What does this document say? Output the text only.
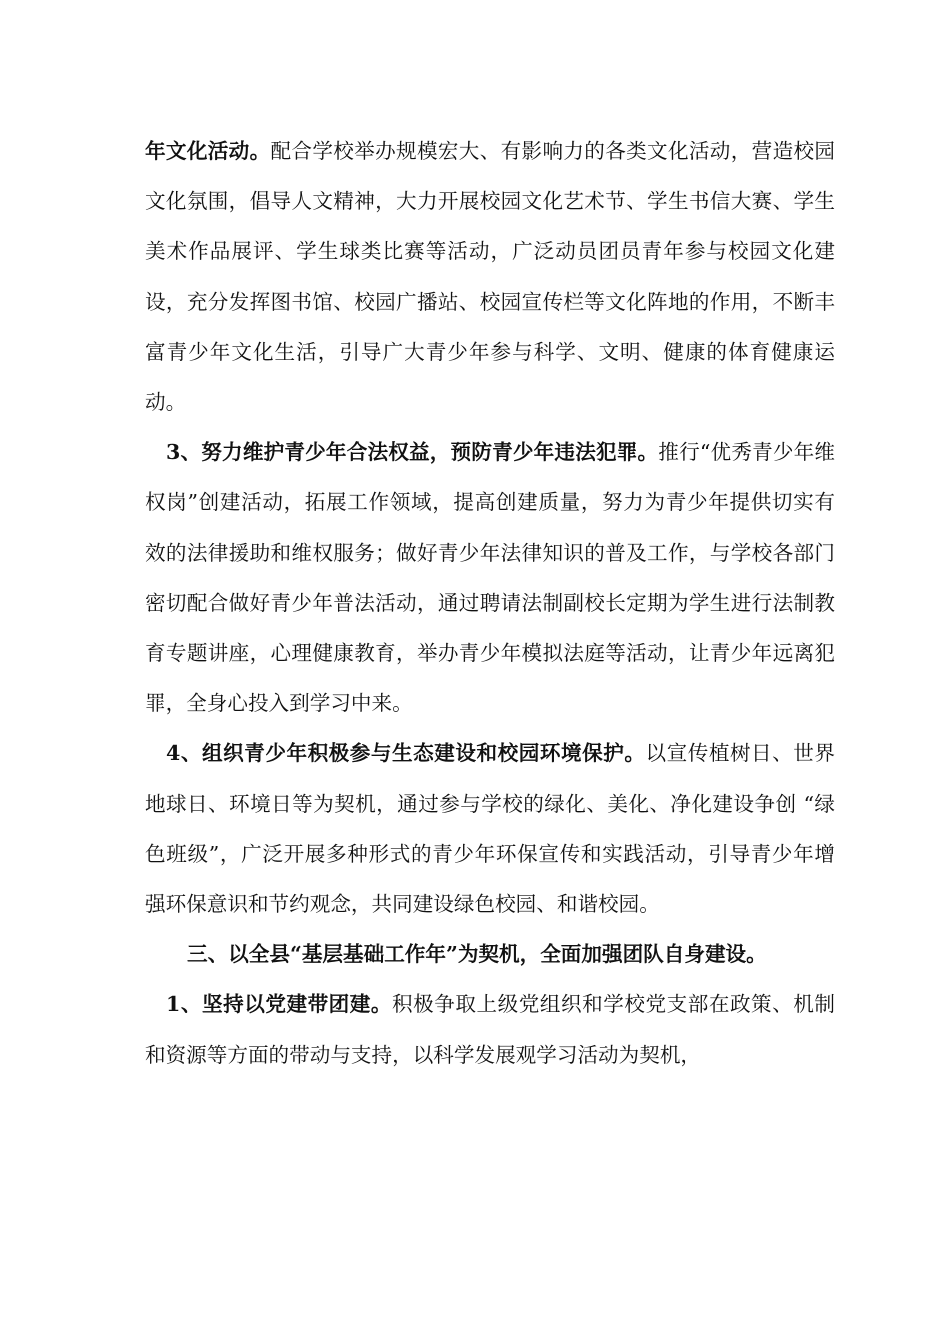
年文化活动。配合学校举办规模宏大、有影响力的各类文化活动，营造校园文化氛围，倡导人文精神，大力开展校园文化艺术节、学生书信大赛、学生美术作品展评、学生球类比赛等活动，广泛动员团员青年参与校园文化建设，充分发挥图书馆、校园广播站、校园宣传栏等文化阵地的作用，不断丰富青少年文化生活，引导广大青少年参与科学、文明、健康的体育健康运动。

3、努力维护青少年合法权益，预防青少年违法犯罪。推行“优秀青少年维权岗”创建活动，拓展工作领域，提高创建质量，努力为青少年提供切实有效的法律援助和维权服务；做好青少年法律知识的普及工作，与学校各部门密切配合做好青少年普法活动，通过聘请法制副校长定期为学生进行法制教育专题讲座，心理健康教育，举办青少年模拟法庭等活动，让青少年远离犯罪，全身心投入到学习中来。

4、组织青少年积极参与生态建设和校园环境保护。以宣传植树日、世界地球日、环境日等为契机，通过参与学校的绿化、美化、净化建设争创 “绿色班级”，广泛开展多种形式的青少年环保宣传和实践活动，引导青少年增强环保意识和节约观念，共同建设绿色校园、和谐校园。

三、以全县“基层基础工作年”为契机，全面加强团队自身建设。

1、坚持以党建带团建。积极争取上级党组织和学校党支部在政策、机制和资源等方面的带动与支持，以科学发展观学习活动为契机，
